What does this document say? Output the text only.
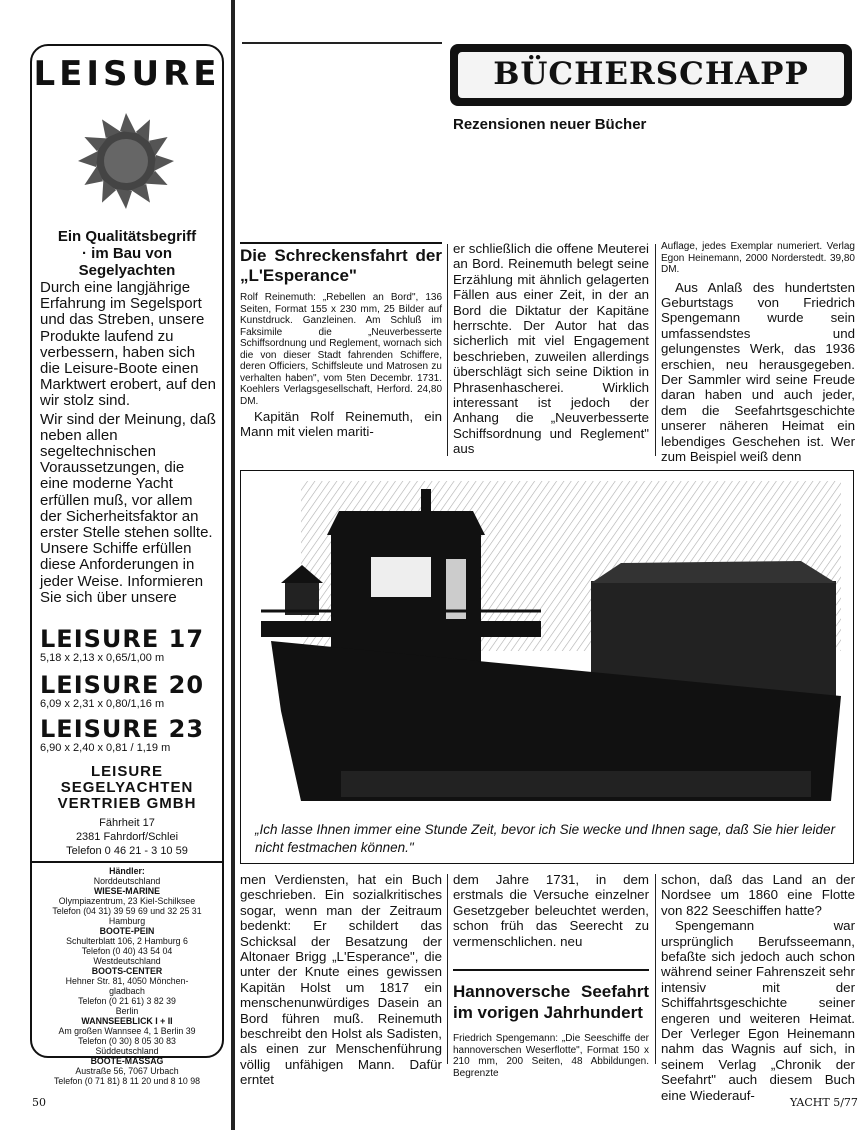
LEISURE
Ein Qualitätsbegriff
· im Bau von
Segelyachten

Durch eine langjährige Erfahrung im Segelsport und das Streben, unsere Produkte laufend zu verbessern, haben sich die Leisure-Boote einen Marktwert erobert, auf den wir stolz sind.

Wir sind der Meinung, daß neben allen segeltechnischen Voraussetzungen, die eine moderne Yacht erfüllen muß, vor allem der Sicherheitsfaktor an erster Stelle stehen sollte. Unsere Schiffe erfüllen diese Anforderungen in jeder Weise. Informieren Sie sich über unsere

LEISURE 17
5,18 x 2,13 x 0,65/1,00 m
LEISURE 20
6,09 x 2,31 x 0,80/1,16 m
LEISURE 23
6,90 x 2,40 x 0,81 / 1,19 m
LEISURE
SEGELYACHTEN
VERTRIEB GMBH
Fährheit 17
2381 Fahrdorf/Schlei
Telefon 0 46 21 - 3 10 59
Händler:
Norddeutschland
WIESE-MARINE
Olympiazentrum, 23 Kiel-Schilksee
Telefon (04 31) 39 59 69 und 32 25 31
Hamburg
BOOTE-PEIN
Schulterblatt 106, 2 Hamburg 6
Telefon (0 40) 43 54 04
Westdeutschland
BOOTS-CENTER
Hehner Str. 81, 4050 Mönchen-
gladbach
Telefon (0 21 61) 3 82 39
Berlin
WANNSEEBLICK I + II
Am großen Wannsee 4, 1 Berlin 39
Telefon (0 30) 8 05 30 83
Süddeutschland
BOOTE-MASSAG
Austraße 56, 7067 Urbach
Telefon (0 71 81) 8 11 20 und 8 10 98
BÜCHERSCHAPP
Rezensionen neuer Bücher
Die Schreckensfahrt der „L'Esperance"
Rolf Reinemuth: „Rebellen an Bord", 136 Seiten, Format 155 x 230 mm, 25 Bilder auf Kunstdruck. Ganzleinen. Am Schluß im Faksimile die „Neuverbesserte Schiffsordnung und Reglement, wornach sich die von dieser Stadt fahrenden Schiffere, deren Officiers, Schiffsleute und Matrosen zu verhalten haben", vom 5ten Decembr. 1731. Koehlers Verlagsgesellschaft, Herford. 24,80 DM.

Kapitän Rolf Reinemuth, ein Mann mit vielen mariti-

er schließlich die offene Meuterei an Bord. Reinemuth belegt seine Erzählung mit ähnlich gelagerten Fällen aus einer Zeit, in der an Bord die Diktatur der Kapitäne herrschte. Der Autor hat das sicherlich mit viel Engagement beschrieben, zuweilen allerdings überschlägt sich seine Diktion in Phrasenhascherei. Wirklich interessant ist jedoch der Anhang die „Neuverbesserte Schiffsordnung und Reglement" aus

Auflage, jedes Exemplar numeriert. Verlag Egon Heinemann, 2000 Norderstedt. 39,80 DM.

Aus Anlaß des hundertsten Geburtstags von Friedrich Spengemann wurde sein umfassendstes und gelungenstes Werk, das 1936 erschien, neu herausgegeben. Der Sammler wird seine Freude daran haben und auch jeder, dem die Seefahrtsgeschichte unserer näheren Heimat ein lebendiges Geschehen ist. Wer zum Beispiel weiß denn

„Ich lasse Ihnen immer eine Stunde Zeit, bevor ich Sie wecke und Ihnen sage, daß Sie hier leider nicht festmachen können."

men Verdiensten, hat ein Buch geschrieben. Ein sozialkritisches sogar, wenn man der Zeitraum bedenkt: Er schildert das Schicksal der Besatzung der Altonaer Brigg „L'Esperance", die unter der Knute eines gewissen Kapitän Holst um 1817 ein menschenunwürdiges Dasein an Bord führen muß. Reinemuth beschreibt den Holst als Sadisten, als einen zur Menschenführung völlig unfähigen Mann. Dafür erntet

dem Jahre 1731, in dem erstmals die Versuche einzelner Gesetzgeber beleuchtet werden, schon früh das Seerecht zu vermenschlichen. neu

Hannoversche Seefahrt im vorigen Jahrhundert
Friedrich Spengemann: „Die Seeschiffe der hannoverschen Weserflotte", Format 150 x 210 mm, 200 Seiten, 48 Abbildungen. Begrenzte

schon, daß das Land an der Nordsee um 1860 eine Flotte von 822 Seeschiffen hatte?

Spengemann war ursprünglich Berufsseemann, befaßte sich jedoch auch schon während seiner Fahrenszeit sehr intensiv mit der Schiffahrtsgeschichte seiner engeren und weiteren Heimat. Der Verleger Egon Heinemann nahm das Wagnis auf sich, in seinem Verlag „Chronik der Seefahrt" auch diesem Buch eine Wiederauf-

50	YACHT 5/77
